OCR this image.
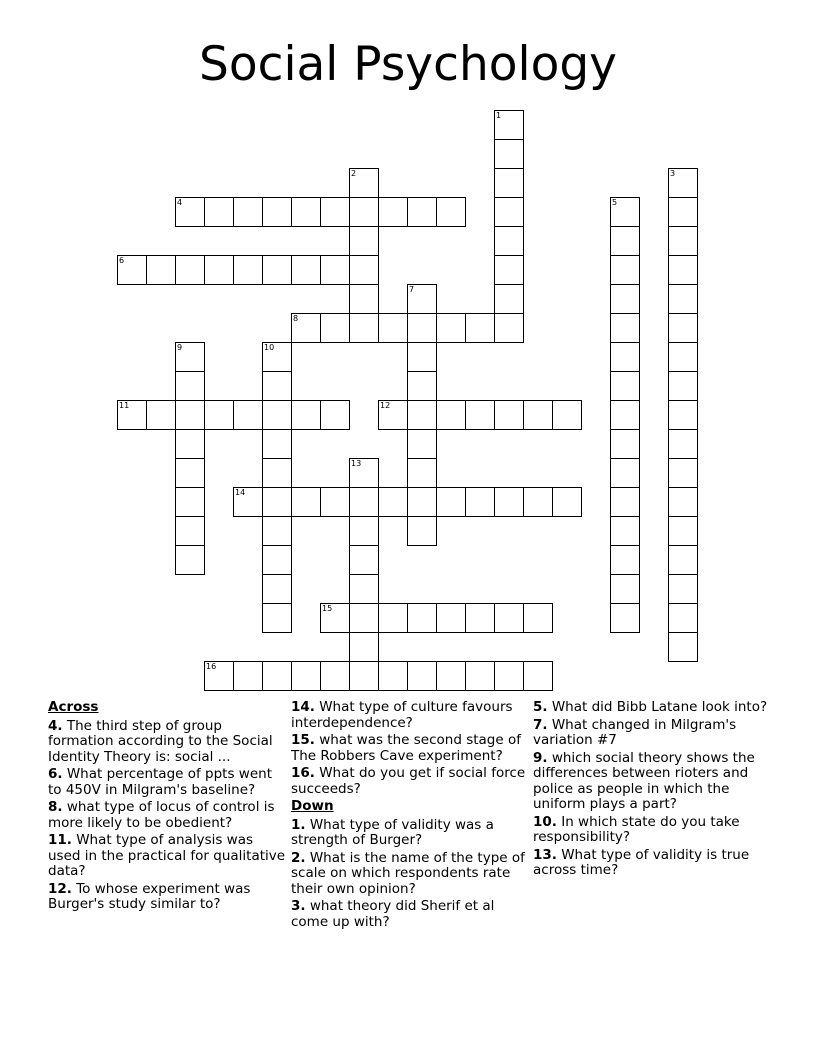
Social Psychology
1
2	3
4	5
6
7
8
9	10
11	12
13
14
15
16
Across
4. The third step of group formation according to the Social Identity Theory is: social ...
6. What percentage of ppts went to 450V in Milgram's baseline?
8. what type of locus of control is more likely to be obedient?
11. What type of analysis was used in the practical for qualitative data?
12. To whose experiment was Burger's study similar to?
14. What type of culture favours interdependence?
15. what was the second stage of The Robbers Cave experiment?
16. What do you get if social force succeeds?
Down
1. What type of validity was a strength of Burger?
2. What is the name of the type of scale on which respondents rate their own opinion?
3. what theory did Sherif et al come up with?
5. What did Bibb Latane look into?
7. What changed in Milgram's variation #7
9. which social theory shows the differences between rioters and police as people in which the uniform plays a part?
10. In which state do you take responsibility?
13. What type of validity is true across time?
